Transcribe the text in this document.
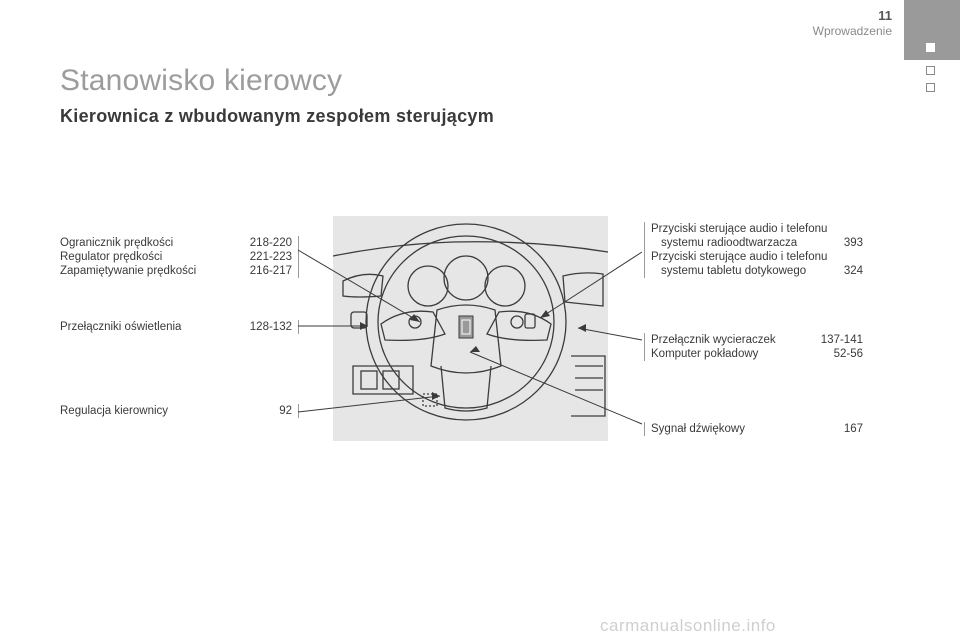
11
Wprowadzenie
Stanowisko kierowcy
Kierownica z wbudowanym zespołem sterującym
Ogranicznik prędkości	218-220
Regulator prędkości	221-223
Zapamiętywanie prędkości	216-217
Przełączniki oświetlenia	128-132
Regulacja kierownicy	92
Przyciski sterujące audio i telefonu
systemu radioodtwarzacza	393
Przyciski sterujące audio i telefonu
systemu tabletu dotykowego	324
Przełącznik wycieraczek	137-141
Komputer pokładowy	52-56
Sygnał dźwiękowy	167
carmanualsonline.info
